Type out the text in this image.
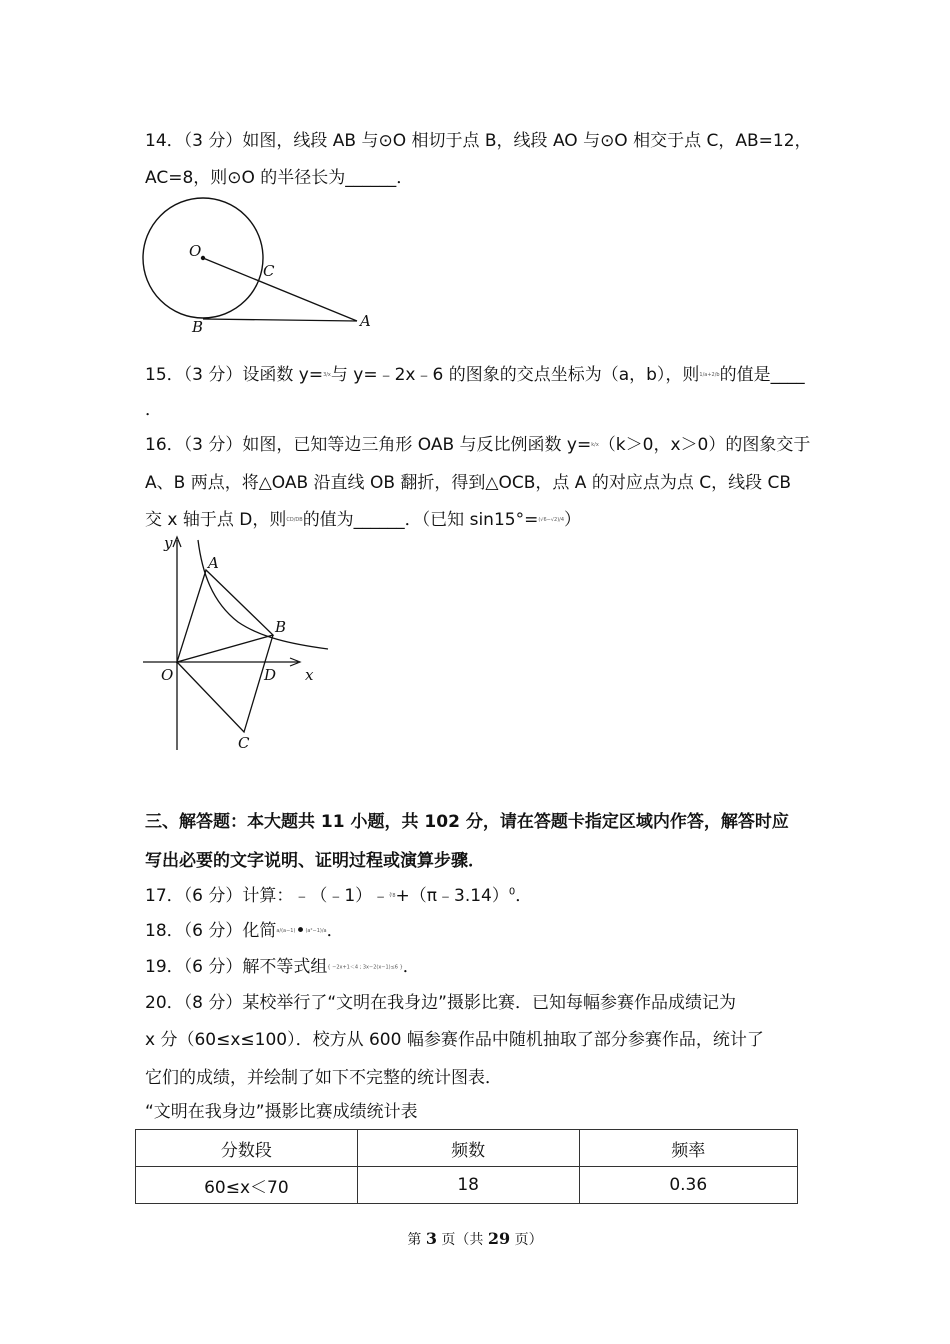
14．（3 分）如图，线段 AB 与⊙O 相切于点 B，线段 AO 与⊙O 相交于点 C，AB=12，
AC=8，则⊙O 的半径长为______．
O
C
B	A
15．（3 分）设函数 y=3/x与 y=﹣2x﹣6 的图象的交点坐标为（a，b），则1/a+2/b的值是____
．
16．（3 分）如图，已知等边三角形 OAB 与反比例函数 y=k/x（k＞0，x＞0）的图象交于
A、B 两点，将△OAB 沿直线 OB 翻折，得到△OCB，点 A 的对应点为点 C，线段 CB
交 x 轴于点 D，则CD/DB的值为______．（已知 sin15°=(√6−√2)/4）
y
A
B
O	D x
C
三、解答题：本大题共 11 小题，共 102 分，请在答题卡指定区域内作答，解答时应
写出必要的文字说明、证明过程或演算步骤．
17．（6 分）计算：﹣（﹣1）﹣∛8+（π﹣3.14）$^0$．
18．（6 分）化简a/(a−1)•(a²−1)/a．
19．（6 分）解不等式组{ −2x+1＜4 ; 3x−2(x−1)≤6 }．
20．（8 分）某校举行了“文明在我身边”摄影比赛．已知每幅参赛作品成绩记为
x 分（60≤x≤100）．校方从 600 幅参赛作品中随机抽取了部分参赛作品，统计了
它们的成绩，并绘制了如下不完整的统计图表．
“文明在我身边”摄影比赛成绩统计表
分数段	频数	频率
60≤x＜70	18	0.36
第 3 页（共 29 页）
